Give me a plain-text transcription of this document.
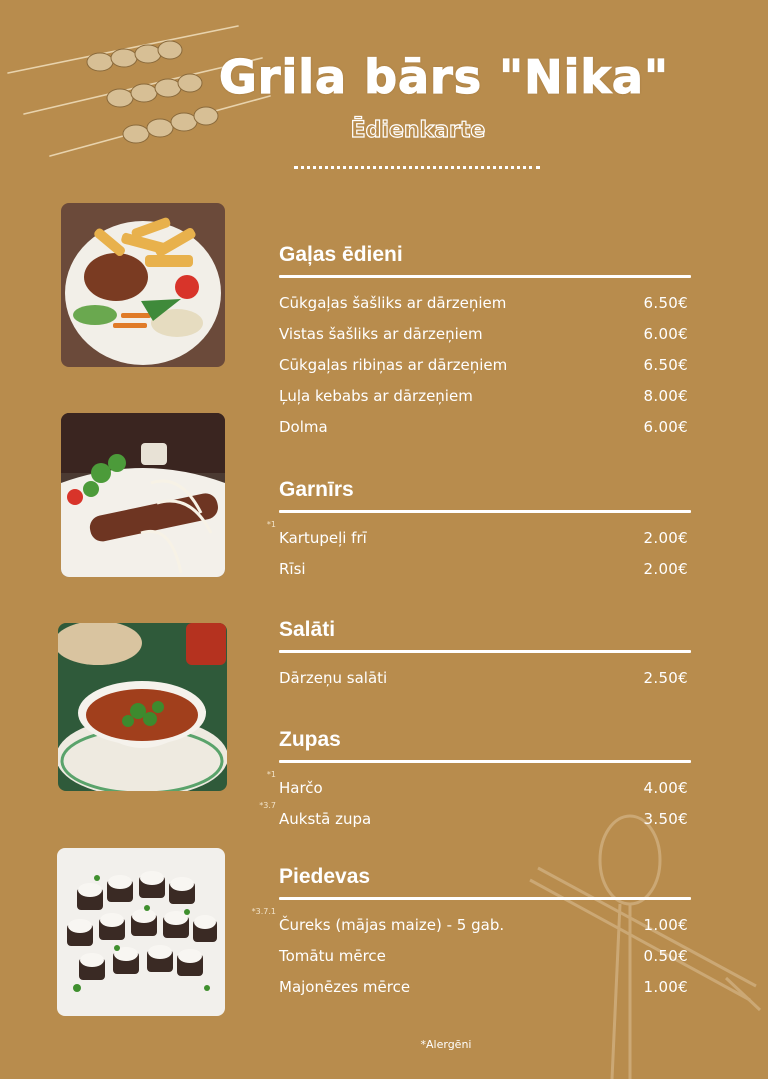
Grila bārs "Nika"
Ēdienkarte
Gaļas ēdieni
Cūkgaļas šašliks ar dārzeņiem	6.50€
Vistas šašliks ar dārzeņiem	6.00€
Cūkgaļas ribiņas ar dārzeņiem	6.50€
Ļuļa kebabs ar dārzeņiem	8.00€
Dolma	6.00€
Garnīrs
*1
Kartupeļi frī	2.00€
Rīsi	2.00€
Salāti
Dārzeņu salāti	2.50€
Zupas
*1
Harčo	4.00€
*3.7
Aukstā zupa	3.50€
Piedevas
*3.7.1
Čureks (mājas maize) - 5 gab.	1.00€
Tomātu mērce	0.50€
Majonēzes mērce	1.00€
*Alergēni
